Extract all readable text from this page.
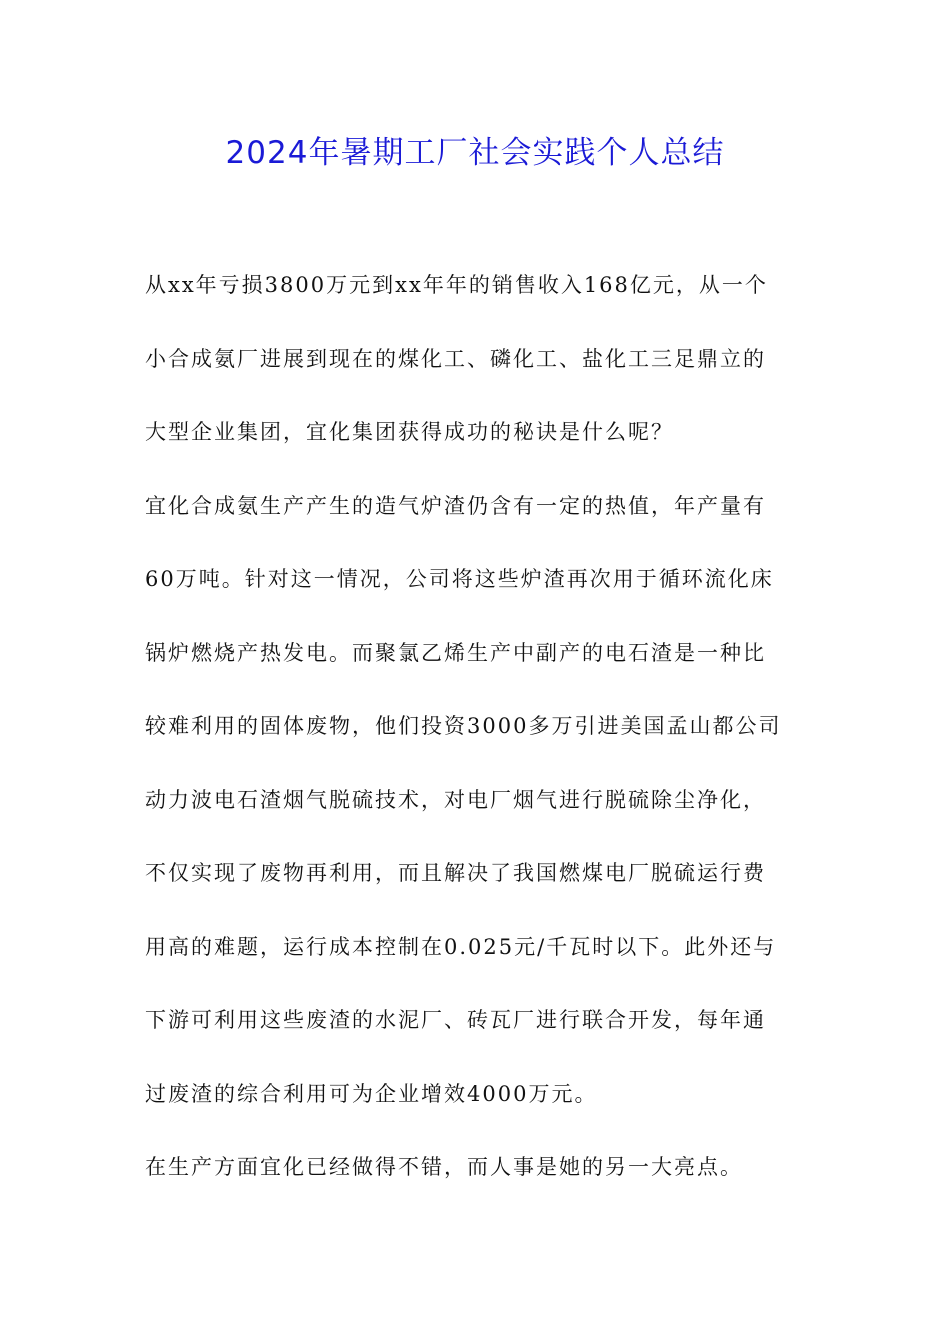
2024年暑期工厂社会实践个人总结

从xx年亏损3800万元到xx年年的销售收入168亿元，从一个
小合成氨厂进展到现在的煤化工、磷化工、盐化工三足鼎立的
大型企业集团，宜化集团获得成功的秘诀是什么呢？

宜化合成氨生产产生的造气炉渣仍含有一定的热值，年产量有
60万吨。针对这一情况，公司将这些炉渣再次用于循环流化床
锅炉燃烧产热发电。而聚氯乙烯生产中副产的电石渣是一种比
较难利用的固体废物，他们投资3000多万引进美国孟山都公司
动力波电石渣烟气脱硫技术，对电厂烟气进行脱硫除尘净化，
不仅实现了废物再利用，而且解决了我国燃煤电厂脱硫运行费
用高的难题，运行成本控制在0.025元/千瓦时以下。此外还与
下游可利用这些废渣的水泥厂、砖瓦厂进行联合开发，每年通
过废渣的综合利用可为企业增效4000万元。

在生产方面宜化已经做得不错，而人事是她的另一大亮点。
